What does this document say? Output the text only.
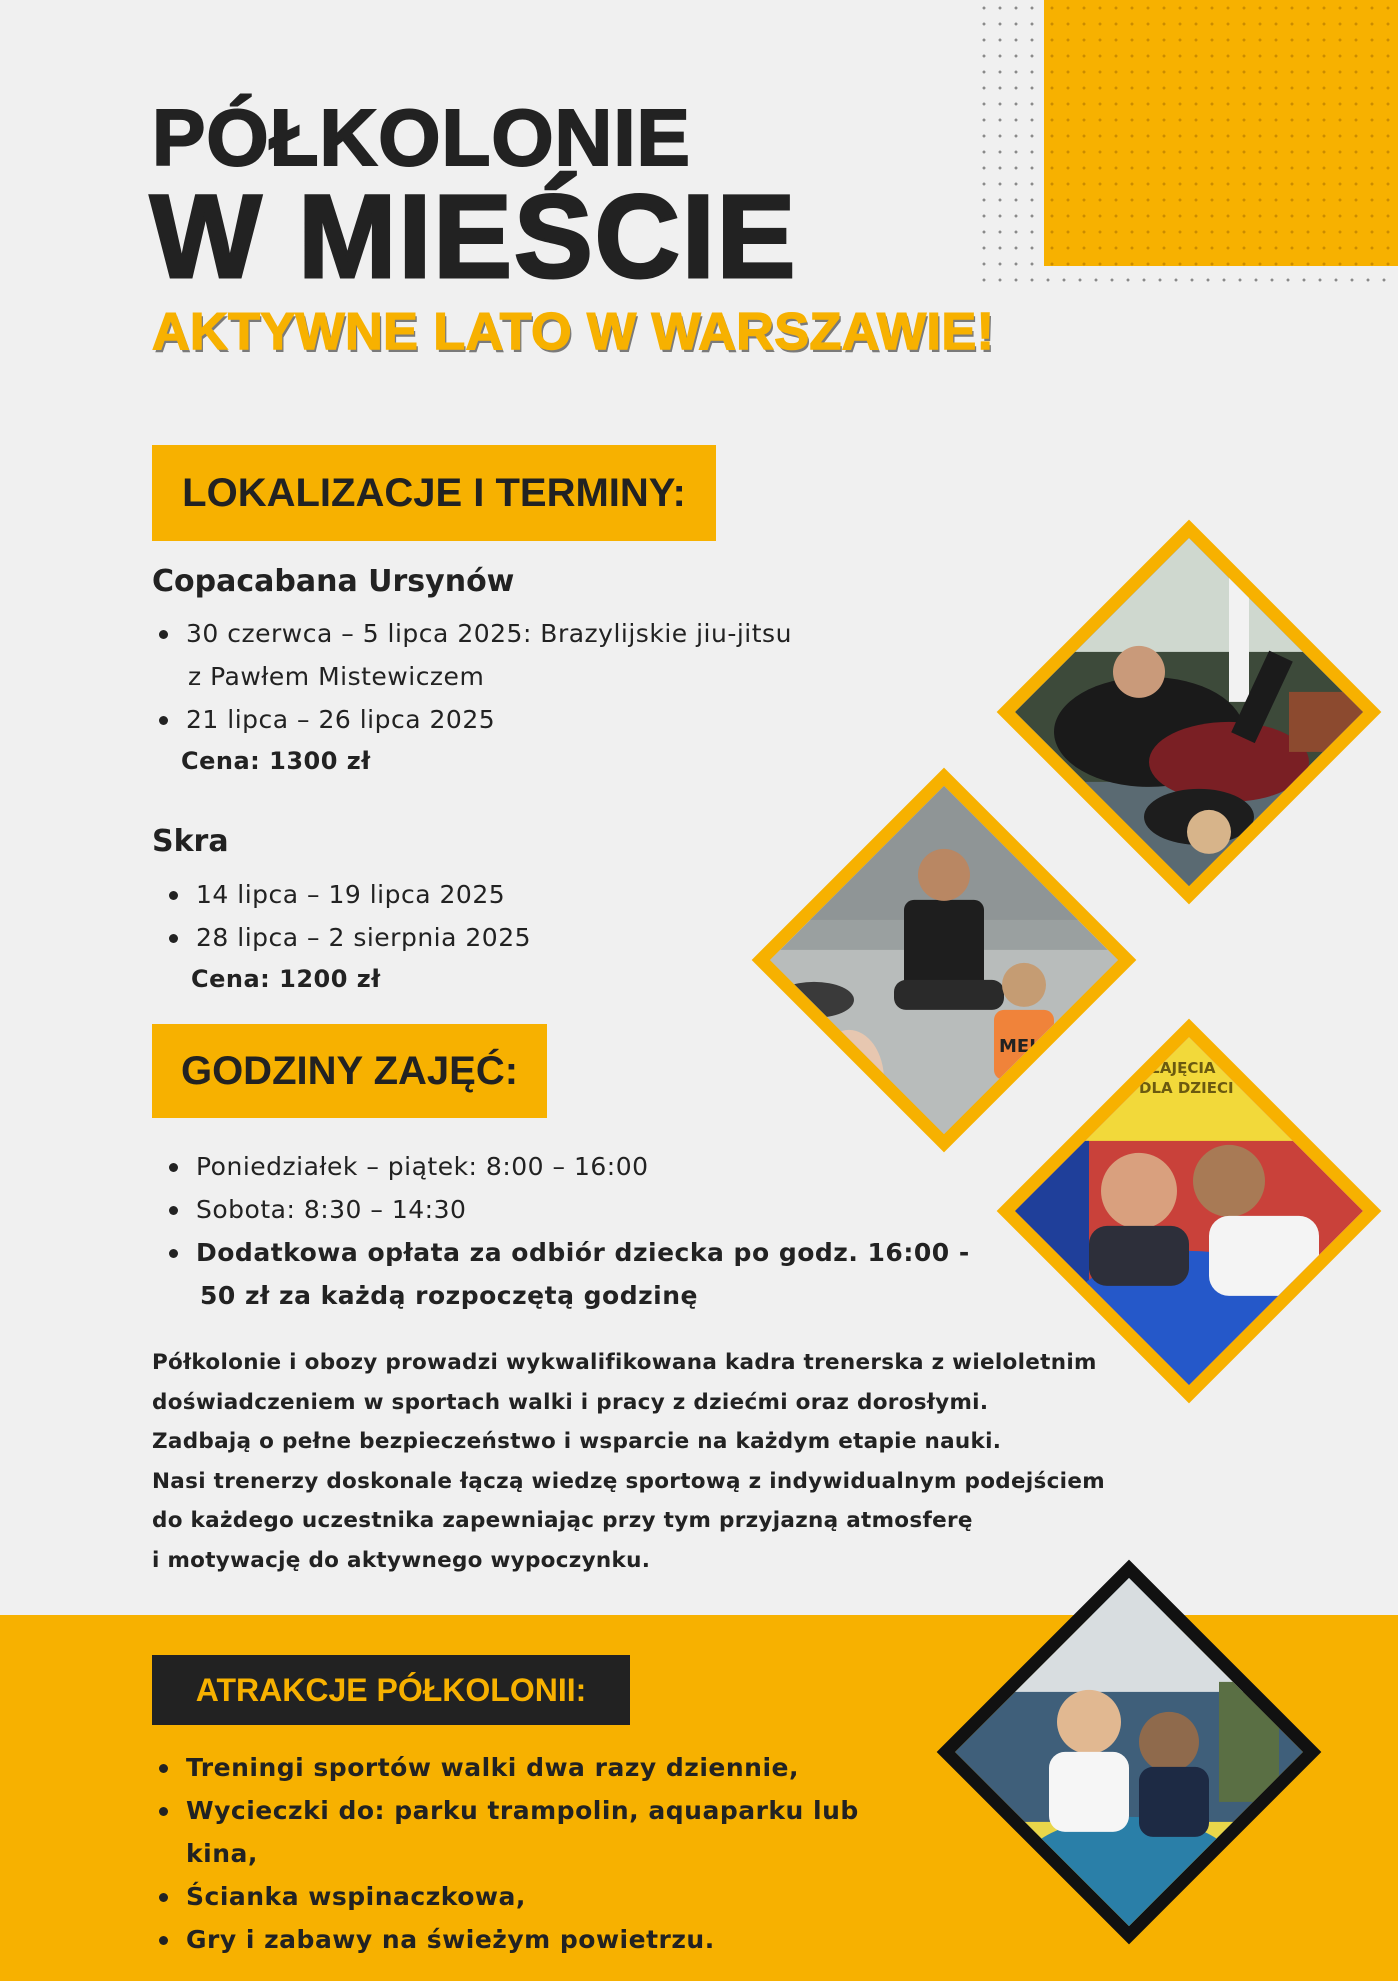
PÓŁKOLONIE
W MIEŚCIE
AKTYWNE LATO W WARSZAWIE!
LOKALIZACJE I TERMINY:
Copacabana Ursynów
30 czerwca – 5 lipca 2025: Brazylijskie jiu-jitsu
z Pawłem Mistewiczem
21 lipca – 26 lipca 2025
Cena: 1300 zł
Skra
14 lipca – 19 lipca 2025
28 lipca – 2 sierpnia 2025
Cena: 1200 zł
GODZINY ZAJĘĆ:
Poniedziałek – piątek: 8:00 – 16:00
Sobota: 8:30 – 14:30
Dodatkowa opłata za odbiór dziecka po godz. 16:00 -
50 zł za każdą rozpoczętą godzinę
Półkolonie i obozy prowadzi wykwalifikowana kadra trenerska z wieloletnim
doświadczeniem w sportach walki i pracy z dziećmi oraz dorosłymi.
Zadbają o pełne bezpieczeństwo i wsparcie na każdym etapie nauki.
Nasi trenerzy doskonale łączą wiedzę sportową z indywidualnym podejściem
do każdego uczestnika zapewniając przy tym przyjazną atmosferę
i motywację do aktywnego wypoczynku.
ATRAKCJE PÓŁKOLONII:
Treningi sportów walki dwa razy dziennie,
Wycieczki do: parku trampolin, aquaparku lub
kina,
Ścianka wspinaczkowa,
Gry i zabawy na świeżym powietrzu.
MEL
ZAJĘCIA
DLA DZIECI
